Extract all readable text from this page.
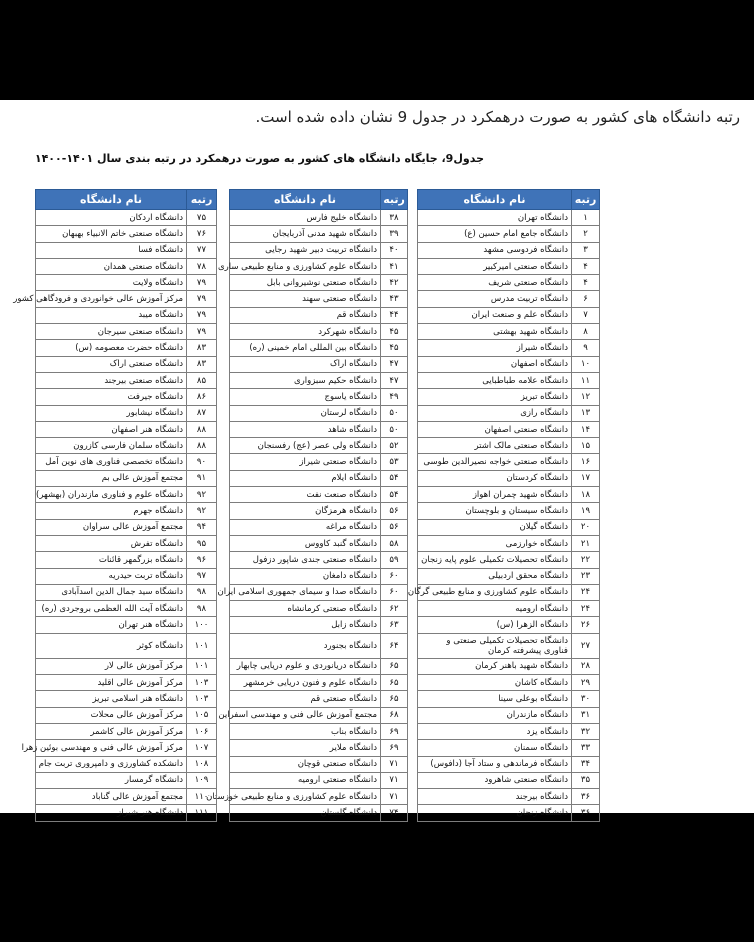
رتبه دانشگاه های کشور به صورت درهمکرد در جدول 9 نشان داده شده است.
جدول9، جایگاه دانشگاه های کشور به صورت درهمکرد در رتبه بندی سال ۱۴۰۱-۱۴۰۰
رتبه	نام دانشگاه
۱	دانشگاه تهران
۲	دانشگاه جامع امام حسین (ع)
۳	دانشگاه فردوسی مشهد
۴	دانشگاه صنعتی امیرکبیر
۴	دانشگاه صنعتی شریف
۶	دانشگاه تربیت مدرس
۷	دانشگاه علم و صنعت ایران
۸	دانشگاه شهید بهشتی
۹	دانشگاه شیراز
۱۰	دانشگاه اصفهان
۱۱	دانشگاه علامه طباطبایی
۱۲	دانشگاه تبریز
۱۳	دانشگاه رازی
۱۴	دانشگاه صنعتی اصفهان
۱۵	دانشگاه صنعتی مالک اشتر
۱۶	دانشگاه صنعتی خواجه نصیرالدین طوسی
۱۷	دانشگاه کردستان
۱۸	دانشگاه شهید چمران اهواز
۱۹	دانشگاه سیستان و بلوچستان
۲۰	دانشگاه گیلان
۲۱	دانشگاه خوارزمی
۲۲	دانشگاه تحصیلات تکمیلی علوم پایه زنجان
۲۳	دانشگاه محقق اردبیلی
۲۴	دانشگاه علوم کشاورزی و منابع طبیعی گرگان
۲۴	دانشگاه ارومیه
۲۶	دانشگاه الزهرا (س)
۲۷	دانشگاه تحصیلات تکمیلی صنعتی و فناوری پیشرفته کرمان
۲۸	دانشگاه شهید باهنر کرمان
۲۹	دانشگاه کاشان
۳۰	دانشگاه بوعلی سینا
۳۱	دانشگاه مازندران
۳۲	دانشگاه یزد
۳۳	دانشگاه سمنان
۳۴	دانشگاه فرماندهی و ستاد آجا (دافوس)
۳۵	دانشگاه صنعتی شاهرود
۳۶	دانشگاه بیرجند
۳۶	دانشگاه زنجان
رتبه	نام دانشگاه
۳۸	دانشگاه خلیج فارس
۳۹	دانشگاه شهید مدنی آذربایجان
۴۰	دانشگاه تربیت دبیر شهید رجایی
۴۱	دانشگاه علوم کشاورزی و منابع طبیعی ساری
۴۲	دانشگاه صنعتی نوشیروانی بابل
۴۳	دانشگاه صنعتی سهند
۴۴	دانشگاه قم
۴۵	دانشگاه شهرکرد
۴۵	دانشگاه بین المللی امام خمینی (ره)
۴۷	دانشگاه اراک
۴۷	دانشگاه حکیم سبزواری
۴۹	دانشگاه یاسوج
۵۰	دانشگاه لرستان
۵۰	دانشگاه شاهد
۵۲	دانشگاه ولی عصر (عج) رفسنجان
۵۳	دانشگاه صنعتی شیراز
۵۴	دانشگاه ایلام
۵۴	دانشگاه صنعت نفت
۵۶	دانشگاه هرمزگان
۵۶	دانشگاه مراغه
۵۸	دانشگاه گنبد کاووس
۵۹	دانشگاه صنعتی جندی شاپور دزفول
۶۰	دانشگاه دامغان
۶۰	دانشگاه صدا و سیمای جمهوری اسلامی ایران
۶۲	دانشگاه صنعتی کرمانشاه
۶۳	دانشگاه زابل
۶۴	دانشگاه بجنورد
۶۵	دانشگاه دریانوردی و علوم دریایی چابهار
۶۵	دانشگاه علوم و فنون دریایی خرمشهر
۶۵	دانشگاه صنعتی قم
۶۸	مجتمع آموزش عالی فنی و مهندسی اسفراین
۶۹	دانشگاه بناب
۶۹	دانشگاه ملایر
۷۱	دانشگاه صنعتی قوچان
۷۱	دانشگاه صنعتی ارومیه
۷۱	دانشگاه علوم کشاورزی و منابع طبیعی خوزستان
۷۴	دانشگاه گلستان
رتبه	نام دانشگاه
۷۵	دانشگاه اردکان
۷۶	دانشگاه صنعتی خاتم الانبیاء بهبهان
۷۷	دانشگاه فسا
۷۸	دانشگاه صنعتی همدان
۷۹	دانشگاه ولایت
۷۹	مرکز آموزش عالی خوانوردی و فرودگاهی کشور
۷۹	دانشگاه میبد
۷۹	دانشگاه صنعتی سیرجان
۸۳	دانشگاه حضرت معصومه (س)
۸۳	دانشگاه صنعتی اراک
۸۵	دانشگاه صنعتی بیرجند
۸۶	دانشگاه جیرفت
۸۷	دانشگاه نیشابور
۸۸	دانشگاه هنر اصفهان
۸۸	دانشگاه سلمان فارسی کازرون
۹۰	دانشگاه تخصصی فناوری های نوین آمل
۹۱	مجتمع آموزش عالی بم
۹۲	دانشگاه علوم و فناوری مازندران (بهشهر)
۹۲	دانشگاه جهرم
۹۴	مجتمع آموزش عالی سراوان
۹۵	دانشگاه تفرش
۹۶	دانشگاه بزرگمهر قائنات
۹۷	دانشگاه تربت حیدریه
۹۸	دانشگاه سید جمال الدین اسدآبادی
۹۸	دانشگاه آیت الله العظمی بروجردی (ره)
۱۰۰	دانشگاه هنر تهران
۱۰۱	دانشگاه کوثر
۱۰۱	مرکز آموزش عالی لار
۱۰۳	مرکز آموزش عالی اقلید
۱۰۳	دانشگاه هنر اسلامی تبریز
۱۰۵	مرکز آموزش عالی محلات
۱۰۶	مرکز آموزش عالی کاشمر
۱۰۷	مرکز آموزش عالی فنی و مهندسی بوئین زهرا
۱۰۸	دانشکده کشاورزی و دامپروری تربت جام
۱۰۹	دانشگاه گرمسار
۱۱۰	مجتمع آموزش عالی گناباد
۱۱۱	دانشگاه هنر شیراز
